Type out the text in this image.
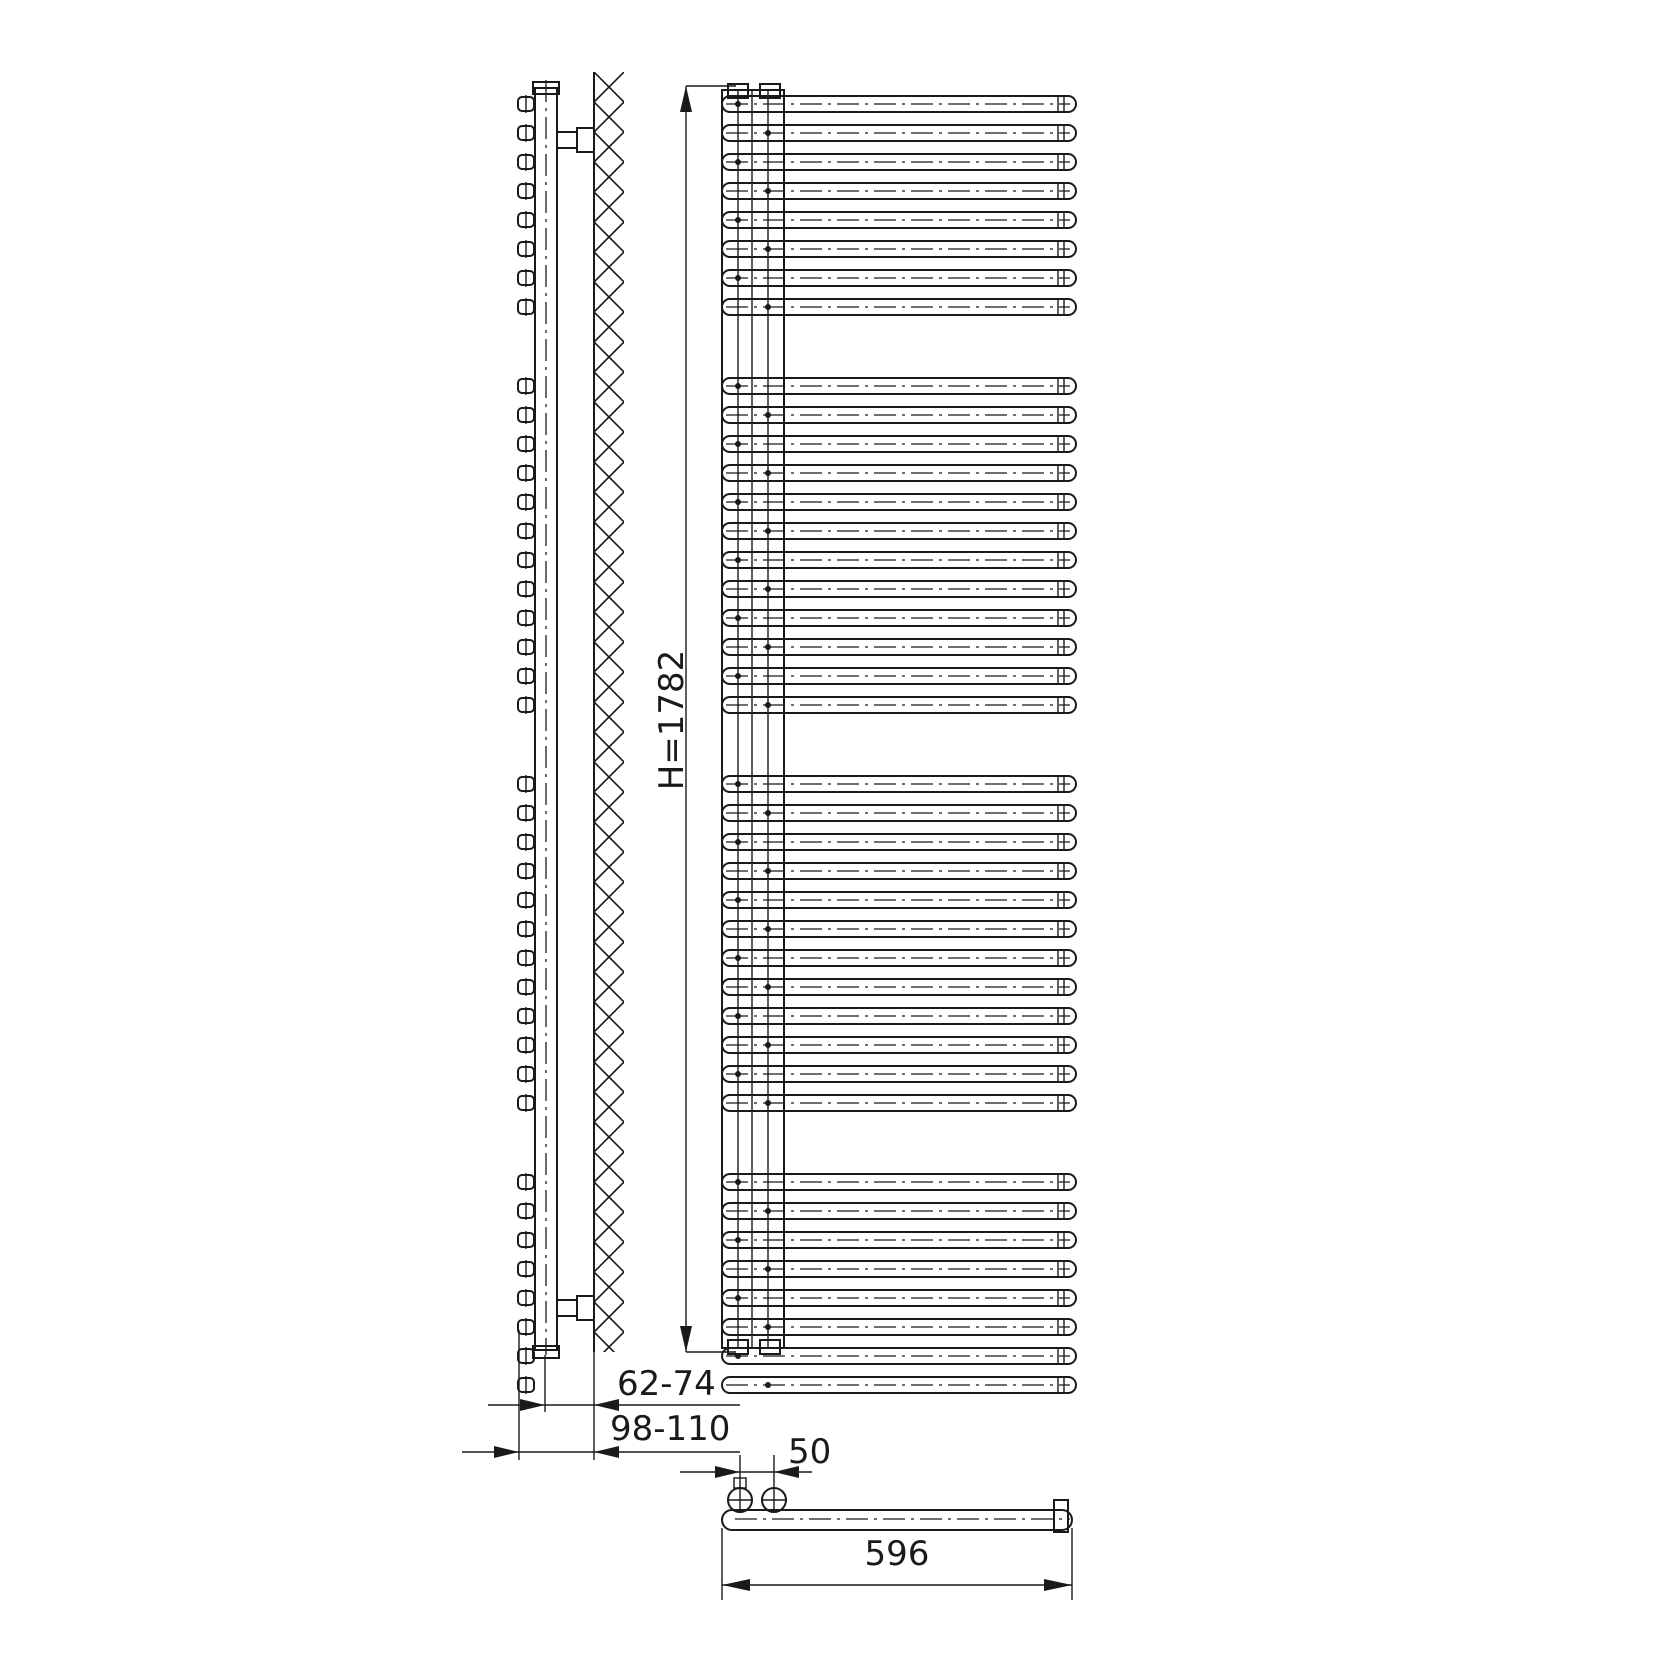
62-74
98-110
H=1782
50
596
